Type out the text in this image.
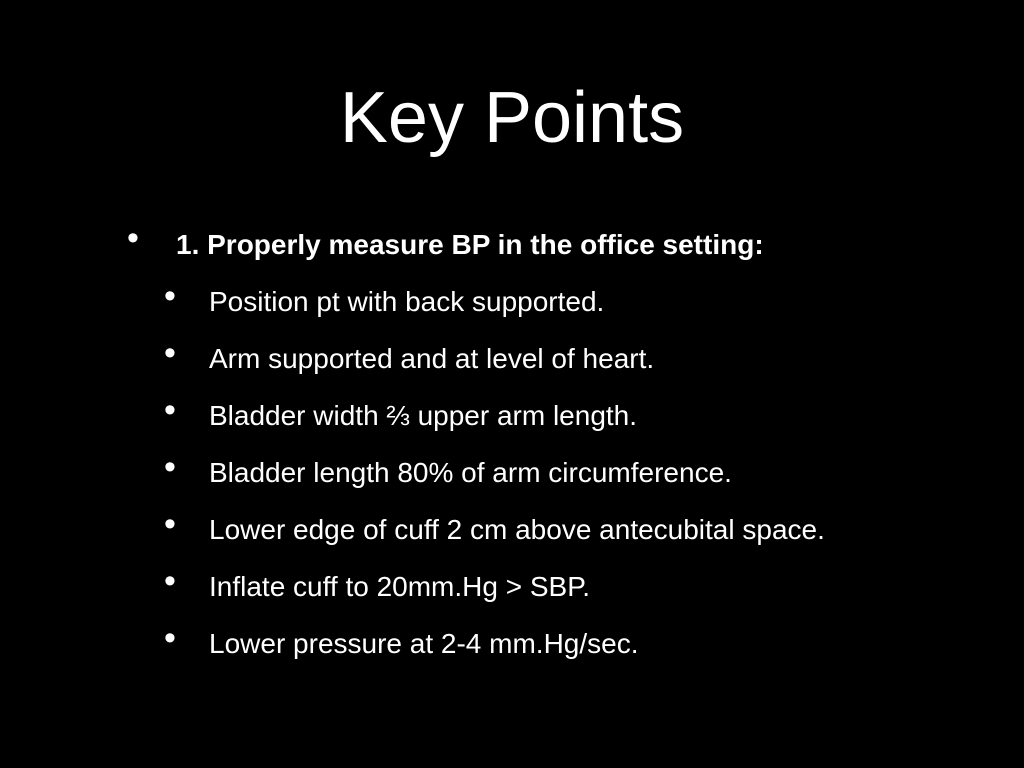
Key Points
• 1. Properly measure BP in the office setting:
• Position pt with back supported.
• Arm supported and at level of heart.
• Bladder width ⅔ upper arm length.
• Bladder length 80% of arm circumference.
• Lower edge of cuff 2 cm above antecubital space.
• Inflate cuff to 20mm.Hg > SBP.
• Lower pressure at 2-4 mm.Hg/sec.
